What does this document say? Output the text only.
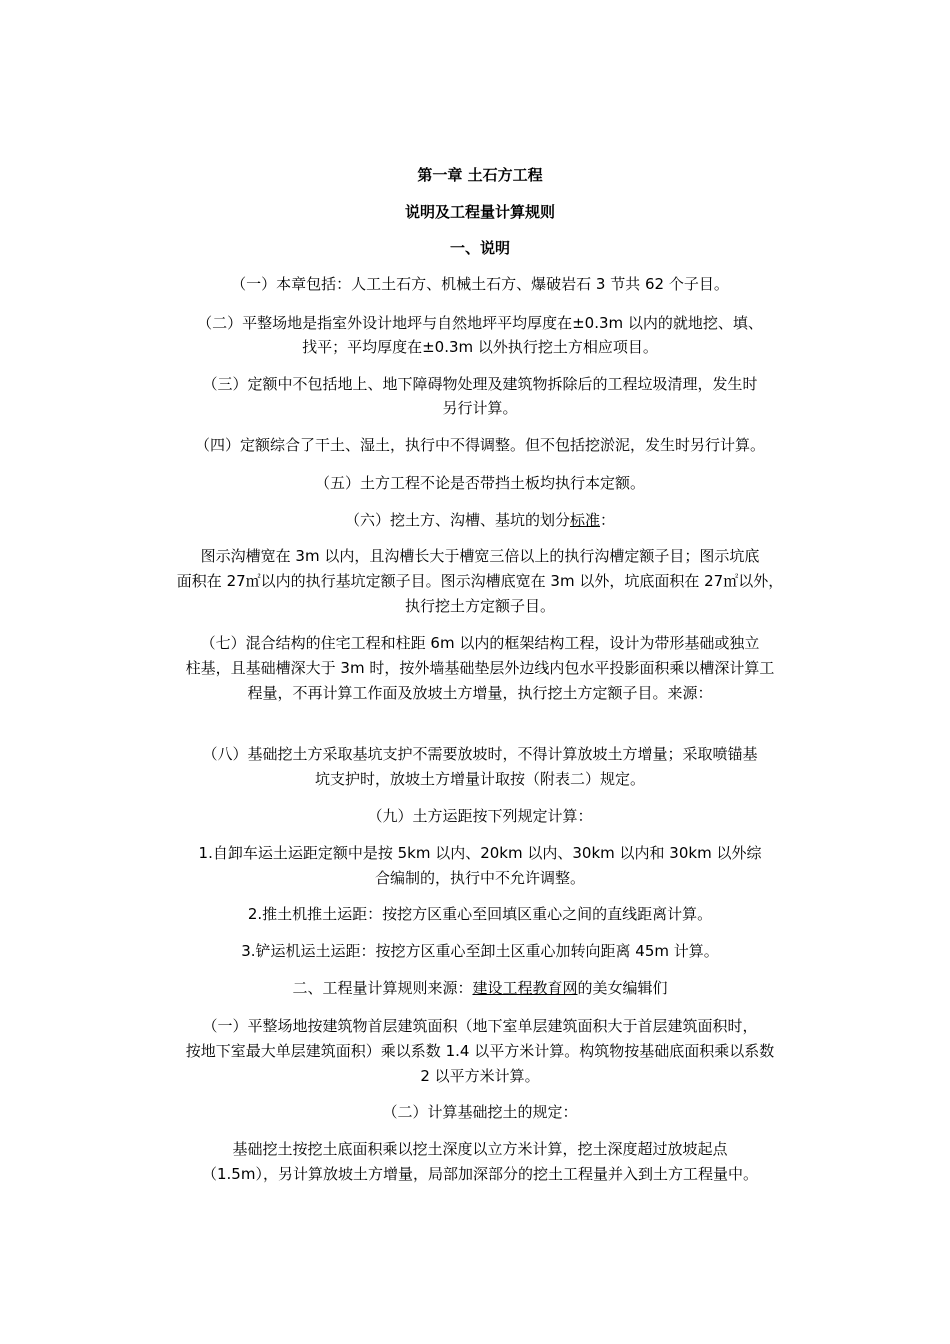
第一章 土石方工程
说明及工程量计算规则
一、说明
（一）本章包括：人工土石方、机械土石方、爆破岩石 3 节共 62 个子目。
（二）平整场地是指室外设计地坪与自然地坪平均厚度在±0.3m 以内的就地挖、填、
找平；平均厚度在±0.3m 以外执行挖土方相应项目。
（三）定额中不包括地上、地下障碍物处理及建筑物拆除后的工程垃圾清理，发生时
另行计算。
（四）定额综合了干土、湿土，执行中不得调整。但不包括挖淤泥，发生时另行计算。
（五）土方工程不论是否带挡土板均执行本定额。
（六）挖土方、沟槽、基坑的划分标准：
图示沟槽宽在 3m 以内，且沟槽长大于槽宽三倍以上的执行沟槽定额子目；图示坑底
面积在 27㎡以内的执行基坑定额子目。图示沟槽底宽在 3m 以外，坑底面积在 27㎡以外，
执行挖土方定额子目。
（七）混合结构的住宅工程和柱距 6m 以内的框架结构工程，设计为带形基础或独立
柱基，且基础槽深大于 3m 时，按外墙基础垫层外边线内包水平投影面积乘以槽深计算工
程量，不再计算工作面及放坡土方增量，执行挖土方定额子目。来源：
（八）基础挖土方采取基坑支护不需要放坡时，不得计算放坡土方增量；采取喷锚基
坑支护时，放坡土方增量计取按（附表二）规定。
（九）土方运距按下列规定计算：
1.自卸车运土运距定额中是按 5km 以内、20km 以内、30km 以内和 30km 以外综
合编制的，执行中不允许调整。
2.推土机推土运距：按挖方区重心至回填区重心之间的直线距离计算。
3.铲运机运土运距：按挖方区重心至卸土区重心加转向距离 45m 计算。
二、工程量计算规则来源：建设工程教育网的美女编辑们
（一）平整场地按建筑物首层建筑面积（地下室单层建筑面积大于首层建筑面积时，
按地下室最大单层建筑面积）乘以系数 1.4 以平方米计算。构筑物按基础底面积乘以系数
2 以平方米计算。
（二）计算基础挖土的规定：
基础挖土按挖土底面积乘以挖土深度以立方米计算，挖土深度超过放坡起点
（1.5m），另计算放坡土方增量，局部加深部分的挖土工程量并入到土方工程量中。
